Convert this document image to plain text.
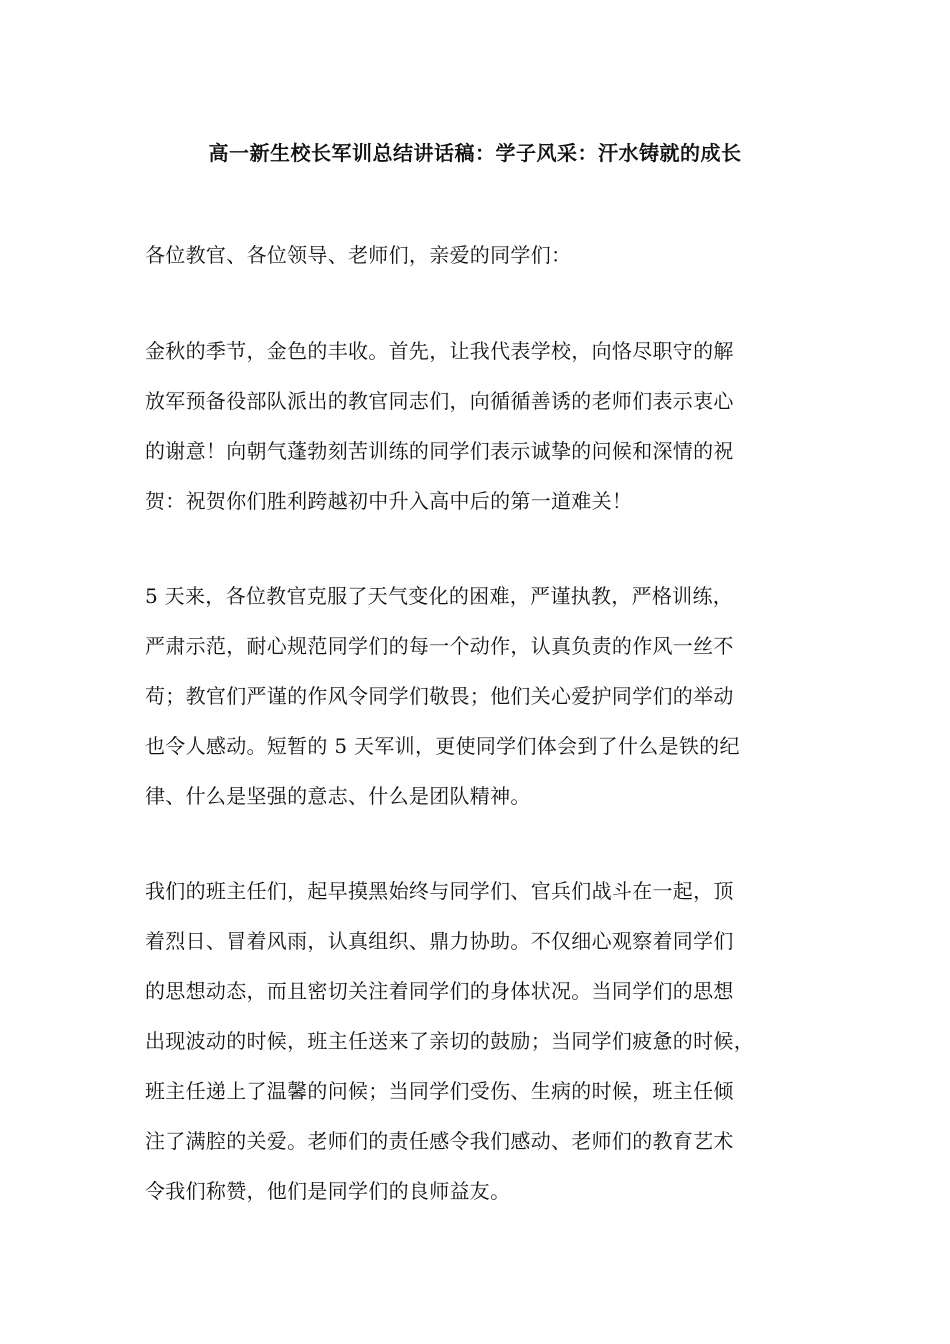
高一新生校长军训总结讲话稿：学子风采：汗水铸就的成长
各位教官、各位领导、老师们，亲爱的同学们：
金秋的季节，金色的丰收。首先，让我代表学校，向恪尽职守的解
放军预备役部队派出的教官同志们，向循循善诱的老师们表示衷心
的谢意！向朝气蓬勃刻苦训练的同学们表示诚挚的问候和深情的祝
贺：祝贺你们胜利跨越初中升入高中后的第一道难关！
5 天来，各位教官克服了天气变化的困难，严谨执教，严格训练，
严肃示范，耐心规范同学们的每一个动作，认真负责的作风一丝不
苟；教官们严谨的作风令同学们敬畏；他们关心爱护同学们的举动
也令人感动。短暂的 5 天军训，更使同学们体会到了什么是铁的纪
律、什么是坚强的意志、什么是团队精神。
我们的班主任们，起早摸黑始终与同学们、官兵们战斗在一起，顶
着烈日、冒着风雨，认真组织、鼎力协助。不仅细心观察着同学们
的思想动态，而且密切关注着同学们的身体状况。当同学们的思想
出现波动的时候，班主任送来了亲切的鼓励；当同学们疲惫的时候，
班主任递上了温馨的问候；当同学们受伤、生病的时候，班主任倾
注了满腔的关爱。老师们的责任感令我们感动、老师们的教育艺术
令我们称赞，他们是同学们的良师益友。
